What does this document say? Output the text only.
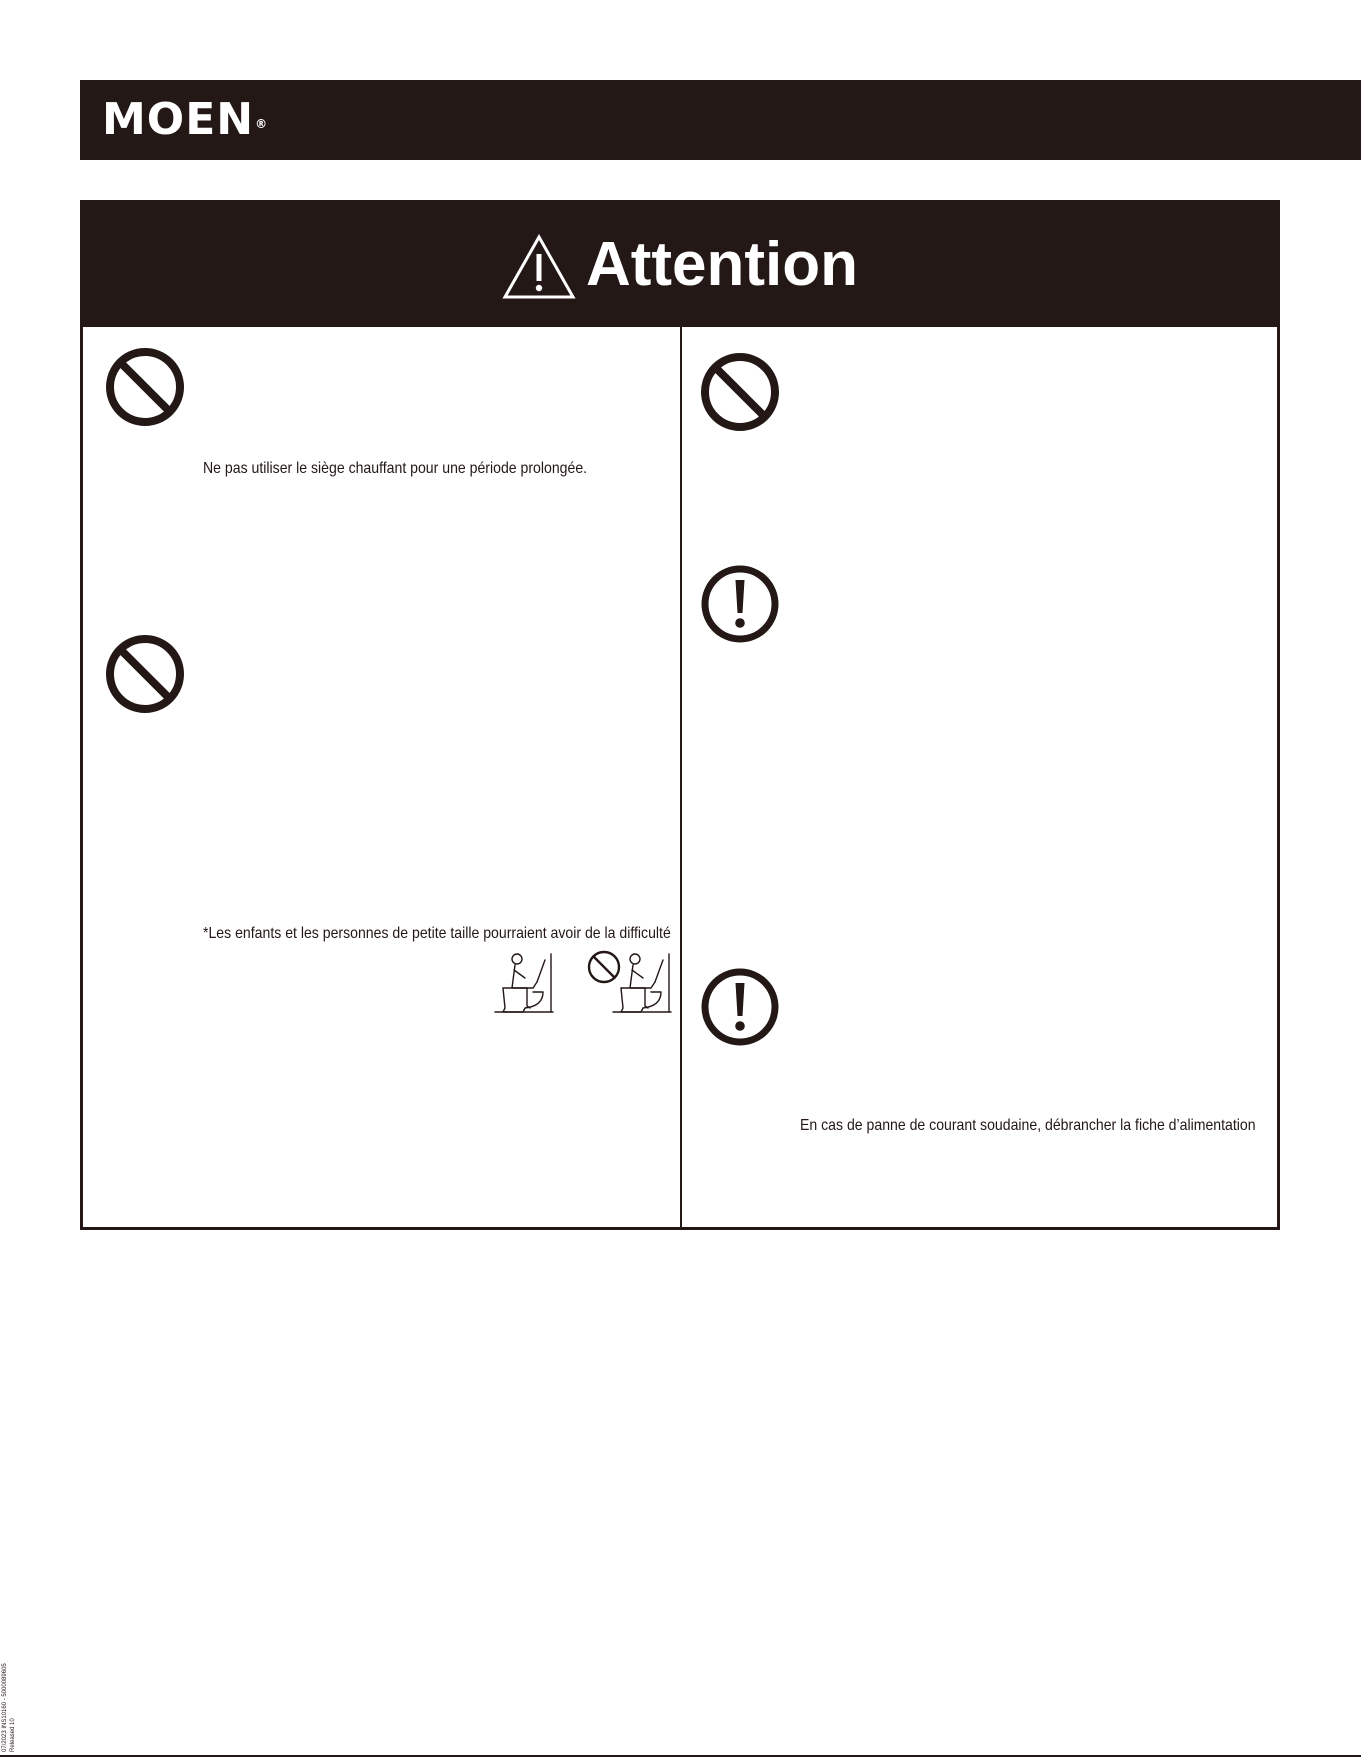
MOEN®
Attention
Ne pas utiliser le siège chauffant pour une période prolongée.
*Les enfants et les personnes de petite taille pourraient avoir de la difficulté
En cas de panne de courant soudaine, débrancher la fiche d’alimentation
07/2023 INS10160 - 5000089605 Released 10
